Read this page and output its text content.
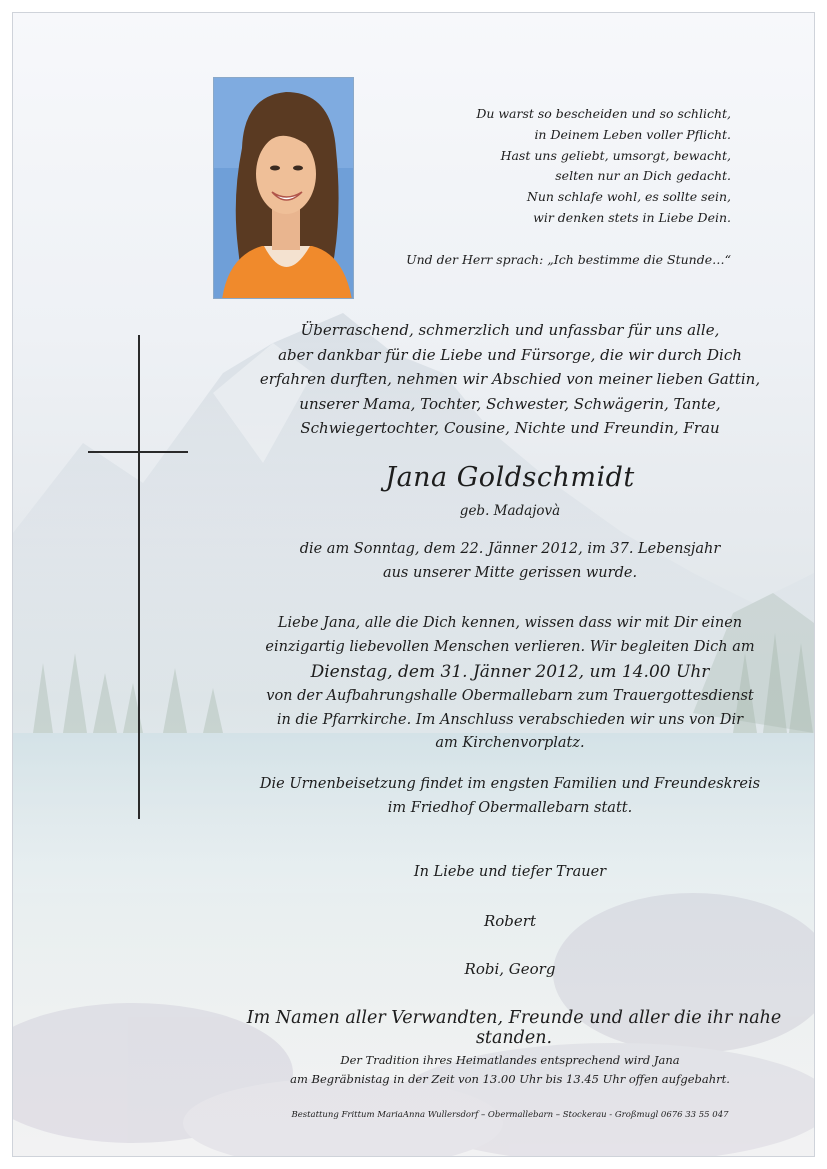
Du warst so bescheiden und so schlicht,
in Deinem Leben voller Pflicht.
Hast uns geliebt, umsorgt, bewacht,
selten nur an Dich gedacht.
Nun schlafe wohl, es sollte sein,
wir denken stets in Liebe Dein.
Und der Herr sprach: „Ich bestimme die Stunde…“
Überraschend, schmerzlich und unfassbar für uns alle,
aber dankbar für die Liebe und Fürsorge, die wir durch Dich
erfahren durften, nehmen wir Abschied von meiner lieben Gattin,
unserer Mama, Tochter, Schwester, Schwägerin, Tante,
Schwiegertochter, Cousine, Nichte und Freundin, Frau
Jana Goldschmidt
geb. Madajovà
die am Sonntag, dem 22. Jänner 2012, im 37. Lebensjahr
aus unserer Mitte gerissen wurde.
Liebe Jana, alle die Dich kennen, wissen dass wir mit Dir einen
einzigartig liebevollen Menschen verlieren. Wir begleiten Dich am
Dienstag, dem 31. Jänner 2012, um 14.00 Uhr
von der Aufbahrungshalle Obermallebarn zum Trauergottesdienst
in die Pfarrkirche. Im Anschluss verabschieden wir uns von Dir
am Kirchenvorplatz.
Die Urnenbeisetzung findet im engsten Familien und Freundeskreis
im Friedhof Obermallebarn statt.
In Liebe und tiefer Trauer
Robert
Robi, Georg
Im Namen aller Verwandten, Freunde und aller die ihr nahe standen.
Der Tradition ihres Heimatlandes entsprechend wird Jana
am Begräbnistag in der Zeit von 13.00 Uhr bis 13.45 Uhr offen aufgebahrt.
Bestattung Frittum MariaAnna Wullersdorf – Obermallebarn – Stockerau - Großmugl 0676 33 55 047
